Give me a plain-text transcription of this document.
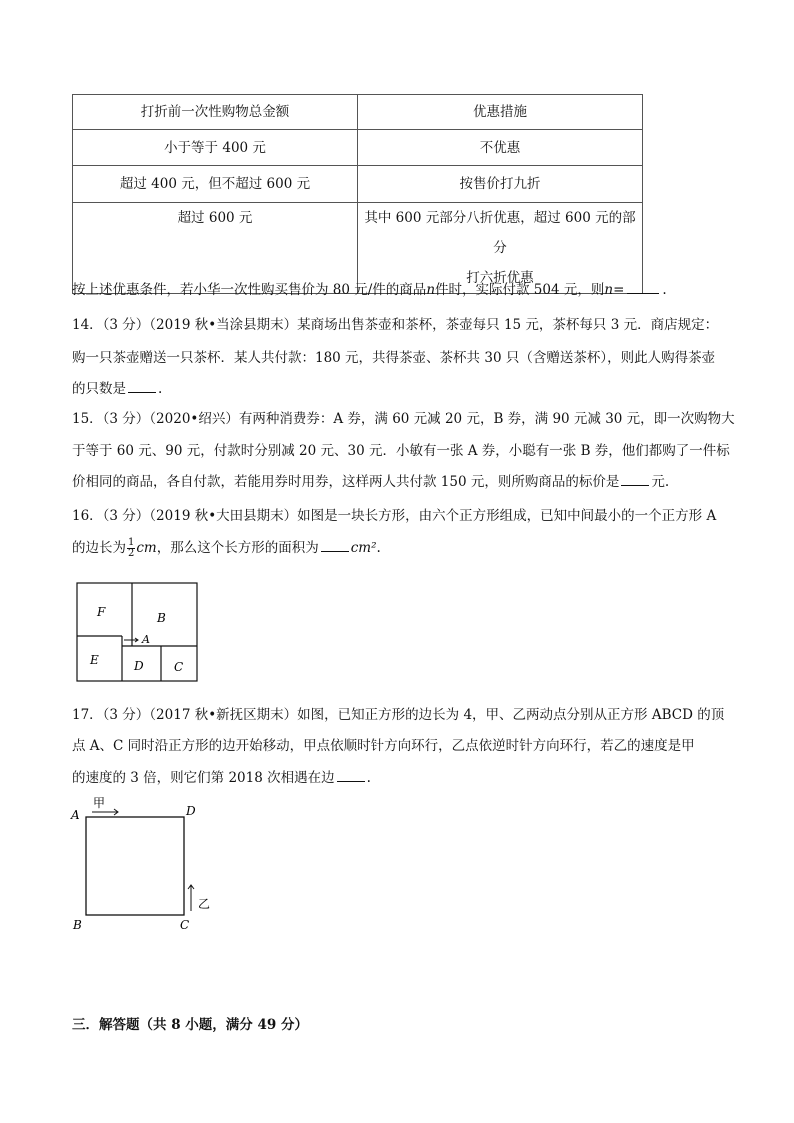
打折前一次性购物总金额	优惠措施
小于等于 400 元	不优惠
超过 400 元，但不超过 600 元	按售价打九折
超过 600 元	其中 600 元部分八折优惠，超过 600 元的部分
打六折优惠
按上述优惠条件，若小华一次性购买售价为 80 元/件的商品n件时，实际付款 504 元，则n=	.
14．（3 分）（2019 秋•当涂县期末）某商场出售茶壶和茶杯，茶壶每只 15 元，茶杯每只 3 元．商店规定：
购一只茶壶赠送一只茶杯．某人共付款：180 元，共得茶壶、茶杯共 30 只（含赠送茶杯），则此人购得茶壶
的只数是 .
15．（3 分）（2020•绍兴）有两种消费券：A 券，满 60 元减 20 元，B 券，满 90 元减 30 元，即一次购物大
于等于 60 元、90 元，付款时分别减 20 元、30 元．小敏有一张 A 券，小聪有一张 B 券，他们都购了一件标
价相同的商品，各自付款，若能用券时用券，这样两人共付款 150 元，则所购商品的标价是 元.
16．（3 分）（2019 秋•大田县期末）如图是一块长方形，由六个正方形组成，已知中间最小的一个正方形 A
的边长为 $\frac{1}{2}$ cm，那么这个长方形的面积为 cm².
F	B
A
E	D	C
17．（3 分）（2017 秋•新抚区期末）如图，已知正方形的边长为 4，甲、乙两动点分别从正方形 ABCD 的顶
点 A、C 同时沿正方形的边开始移动，甲点依顺时针方向环行，乙点依逆时针方向环行，若乙的速度是甲
的速度的 3 倍，则它们第 2018 次相遇在边 .
甲
乙
A	D
B	C
三．解答题（共 8 小题，满分 49 分）
